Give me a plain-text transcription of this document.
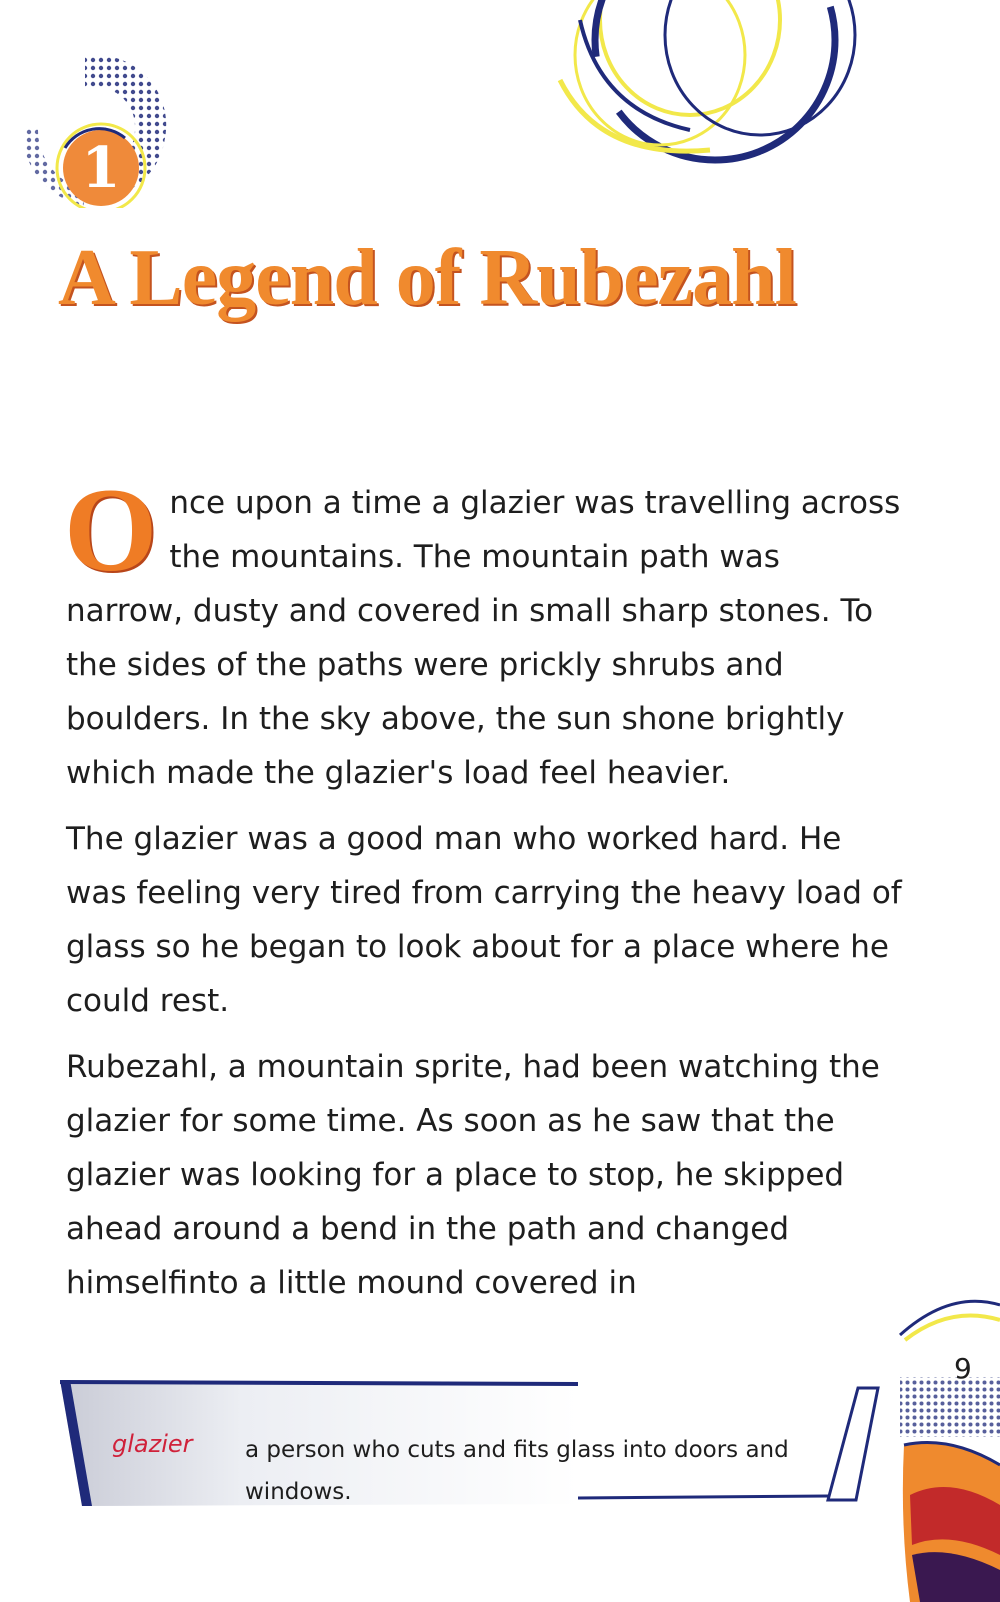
1
A Legend of Rubezahl

Once upon a time a glazier was travelling across the mountains. The mountain path was narrow, dusty and covered in small sharp stones. To the sides of the paths were prickly shrubs and boulders. In the sky above, the sun shone brightly which made the glazier's load feel heavier.

The glazier was a good man who worked hard. He was feeling very tired from carrying the heavy load of glass so he began to look about for a place where he could rest.

Rubezahl, a mountain sprite, had been watching the glazier for some time. As soon as he saw that the glazier was looking for a place to stop, he skipped ahead around a bend in the path and changed himselfinto a little mound covered in

glazier a person who cuts and fits glass into doors and windows.
9
